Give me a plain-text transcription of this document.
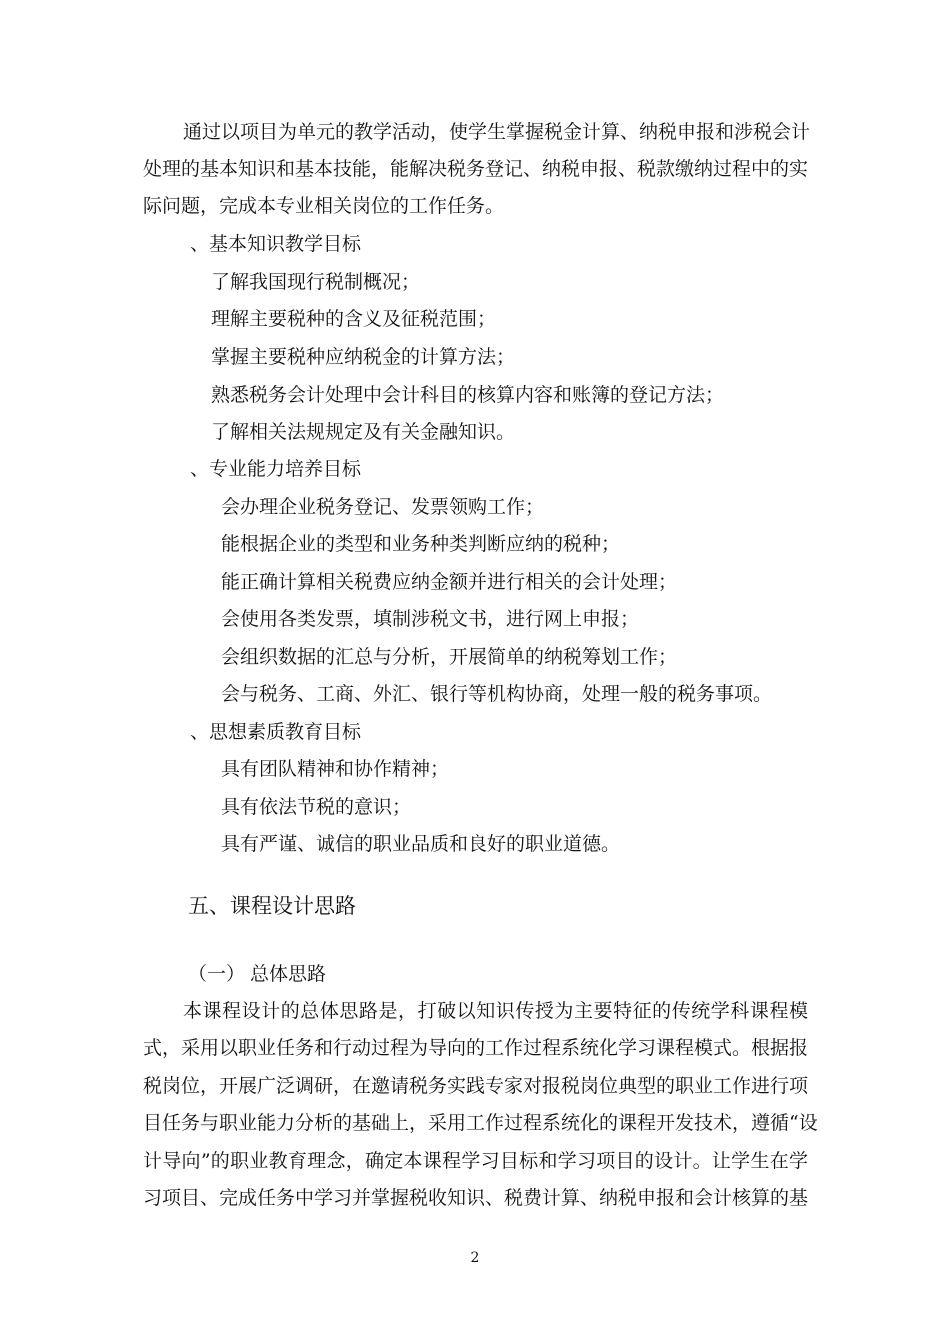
通过以项目为单元的教学活动，使学生掌握税金计算、纳税申报和涉税会计
处理的基本知识和基本技能，能解决税务登记、纳税申报、税款缴纳过程中的实
际问题，完成本专业相关岗位的工作任务。
、基本知识教学目标
了解我国现行税制概况；
理解主要税种的含义及征税范围；
掌握主要税种应纳税金的计算方法；
熟悉税务会计处理中会计科目的核算内容和账簿的登记方法；
了解相关法规规定及有关金融知识。
、专业能力培养目标
会办理企业税务登记、发票领购工作；
能根据企业的类型和业务种类判断应纳的税种；
能正确计算相关税费应纳金额并进行相关的会计处理；
会使用各类发票，填制涉税文书，进行网上申报；
会组织数据的汇总与分析，开展简单的纳税筹划工作；
会与税务、工商、外汇、银行等机构协商，处理一般的税务事项。
、思想素质教育目标
具有团队精神和协作精神；
具有依法节税的意识；
具有严谨、诚信的职业品质和良好的职业道德。
五、课程设计思路
（一） 总体思路
本课程设计的总体思路是，打破以知识传授为主要特征的传统学科课程模
式，采用以职业任务和行动过程为导向的工作过程系统化学习课程模式。根据报
税岗位，开展广泛调研，在邀请税务实践专家对报税岗位典型的职业工作进行项
目任务与职业能力分析的基础上，采用工作过程系统化的课程开发技术，遵循“设
计导向”的职业教育理念，确定本课程学习目标和学习项目的设计。让学生在学
习项目、完成任务中学习并掌握税收知识、税费计算、纳税申报和会计核算的基
2
